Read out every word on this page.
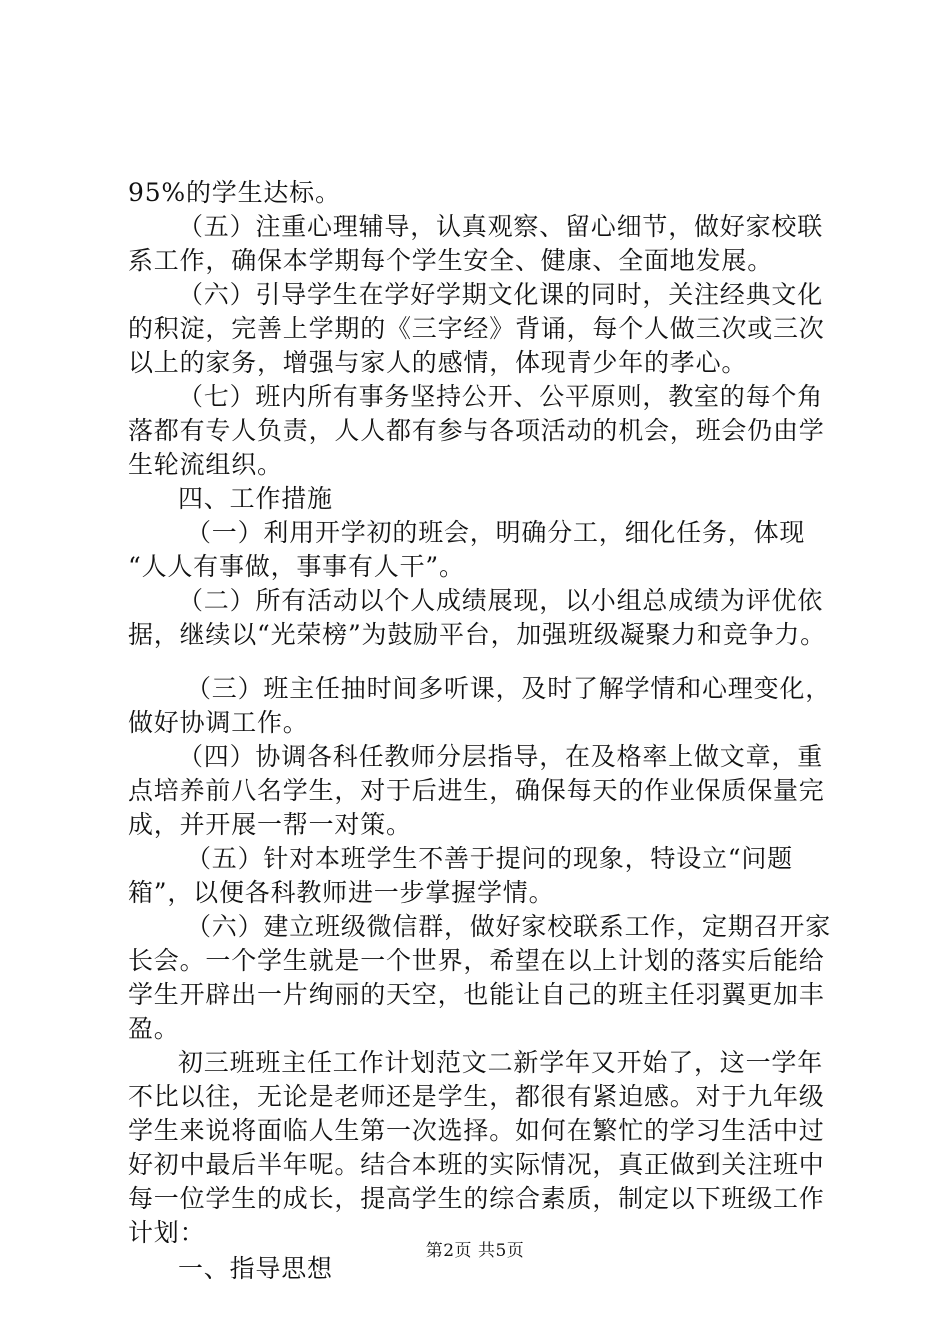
95%的学生达标。
（五）注重心理辅导，认真观察、留心细节，做好家校联
系工作，确保本学期每个学生安全、健康、全面地发展。
（六）引导学生在学好学期文化课的同时，关注经典文化
的积淀，完善上学期的《三字经》背诵，每个人做三次或三次
以上的家务，增强与家人的感情，体现青少年的孝心。
（七）班内所有事务坚持公开、公平原则，教室的每个角
落都有专人负责，人人都有参与各项活动的机会，班会仍由学
生轮流组织。
四、工作措施
（一）利用开学初的班会，明确分工，细化任务，体现
“人人有事做，事事有人干”。
（二）所有活动以个人成绩展现，以小组总成绩为评优依
据，继续以“光荣榜”为鼓励平台，加强班级凝聚力和竞争力。
（三）班主任抽时间多听课，及时了解学情和心理变化，
做好协调工作。
（四）协调各科任教师分层指导，在及格率上做文章，重
点培养前八名学生，对于后进生，确保每天的作业保质保量完
成，并开展一帮一对策。
（五）针对本班学生不善于提问的现象，特设立“问题
箱”，以便各科教师进一步掌握学情。
（六）建立班级微信群，做好家校联系工作，定期召开家
长会。一个学生就是一个世界，希望在以上计划的落实后能给
学生开辟出一片绚丽的天空，也能让自己的班主任羽翼更加丰
盈。
初三班班主任工作计划范文二新学年又开始了，这一学年
不比以往，无论是老师还是学生，都很有紧迫感。对于九年级
学生来说将面临人生第一次选择。如何在繁忙的学习生活中过
好初中最后半年呢。结合本班的实际情况，真正做到关注班中
每一位学生的成长，提高学生的综合素质，制定以下班级工作
计划：
一、指导思想
第2页 共5页
